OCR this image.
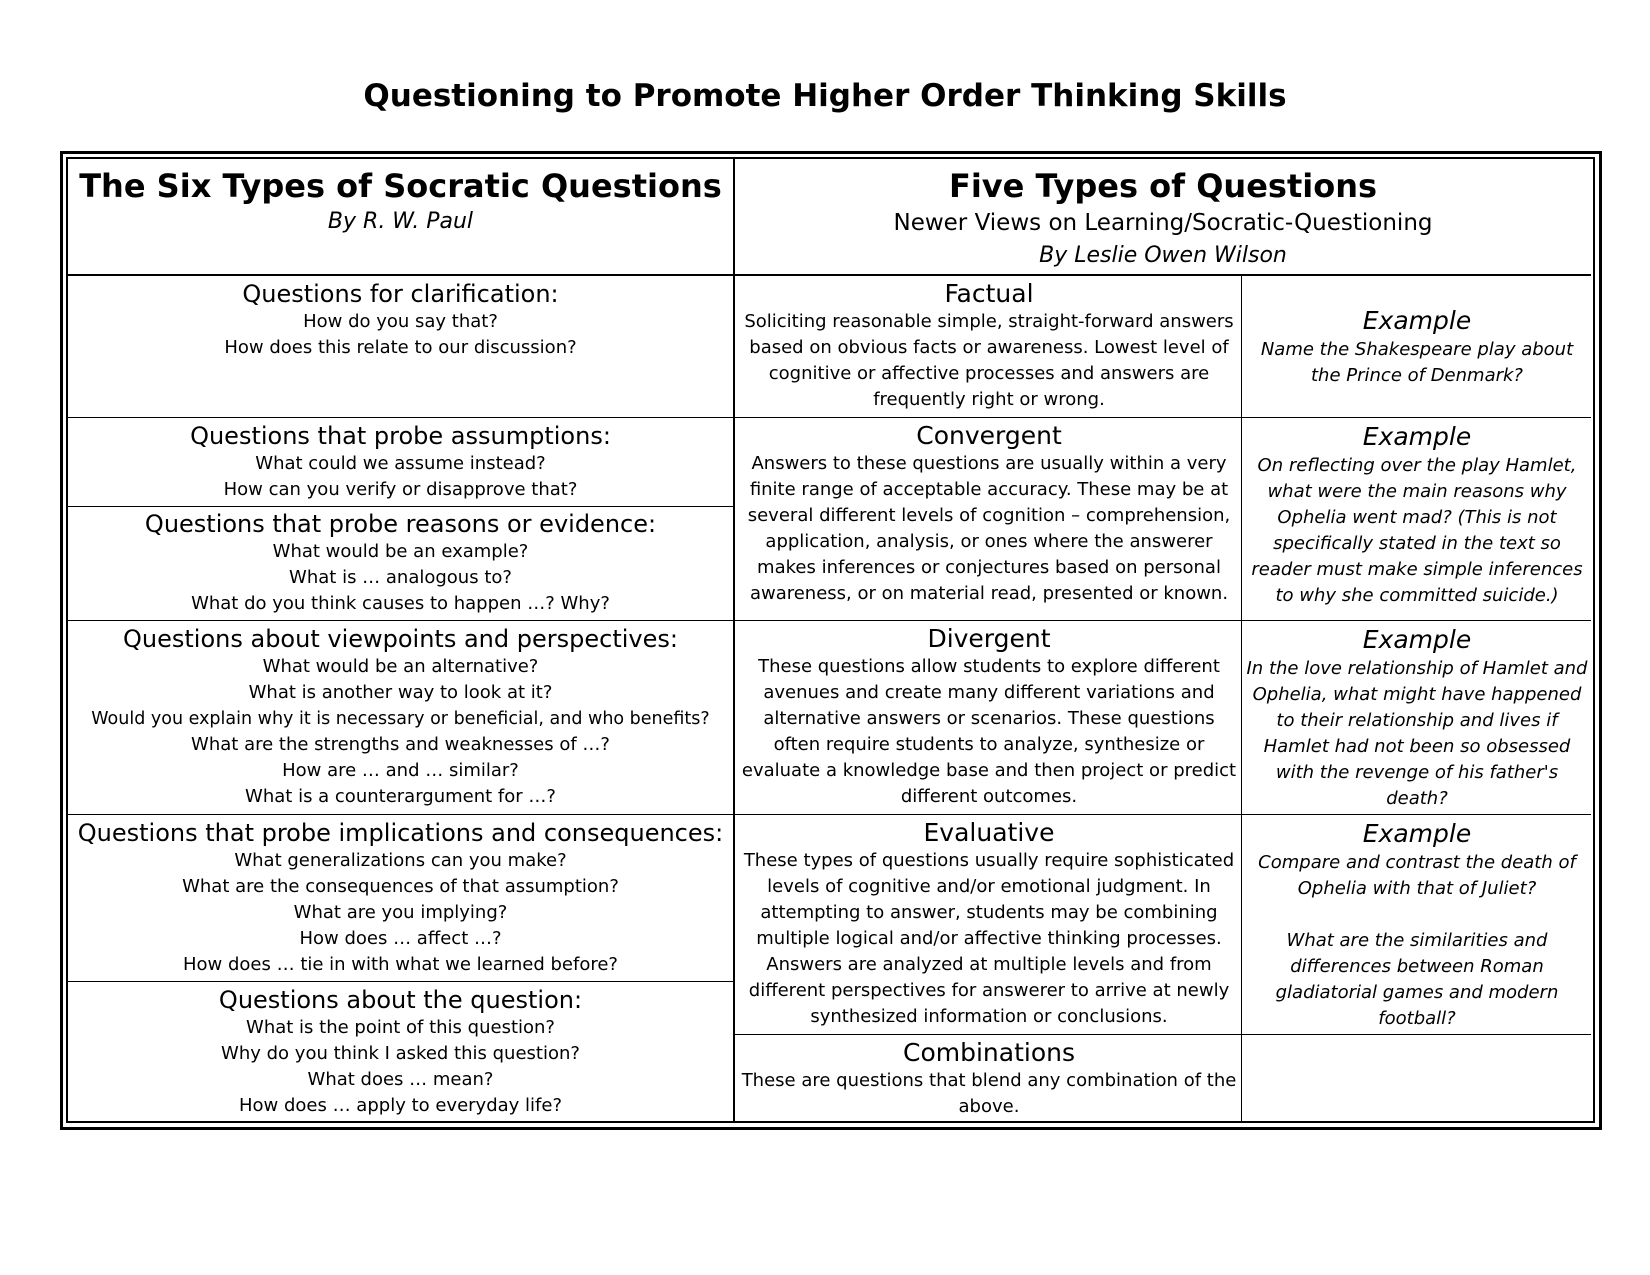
Questioning to Promote Higher Order Thinking Skills
The Six Types of Socratic Questions
By R. W. Paul
Five Types of Questions
Newer Views on Learning/Socratic-Questioning
By Leslie Owen Wilson
Questions for clarification:
How do you say that?
How does this relate to our discussion?
Questions that probe assumptions:
What could we assume instead?
How can you verify or disapprove that?
Questions that probe reasons or evidence:
What would be an example?
What is … analogous to?
What do you think causes to happen …? Why?
Questions about viewpoints and perspectives:
What would be an alternative?
What is another way to look at it?
Would you explain why it is necessary or beneficial, and who benefits?
What are the strengths and weaknesses of …?
How are … and … similar?
What is a counterargument for …?
Questions that probe implications and consequences:
What generalizations can you make?
What are the consequences of that assumption?
What are you implying?
How does … affect …?
How does … tie in with what we learned before?
Questions about the question:
What is the point of this question?
Why do you think I asked this question?
What does … mean?
How does … apply to everyday life?
Factual
Soliciting reasonable simple, straight-forward answers based on obvious facts or awareness. Lowest level of cognitive or affective processes and answers are frequently right or wrong.
Example
Name the Shakespeare play about the Prince of Denmark?
Convergent
Answers to these questions are usually within a very finite range of acceptable accuracy. These may be at several different levels of cognition – comprehension, application, analysis, or ones where the answerer makes inferences or conjectures based on personal awareness, or on material read, presented or known.
Example
On reflecting over the play Hamlet, what were the main reasons why Ophelia went mad? (This is not specifically stated in the text so reader must make simple inferences to why she committed suicide.)
Divergent
These questions allow students to explore different avenues and create many different variations and alternative answers or scenarios. These questions often require students to analyze, synthesize or evaluate a knowledge base and then project or predict different outcomes.
Example
In the love relationship of Hamlet and Ophelia, what might have happened to their relationship and lives if Hamlet had not been so obsessed with the revenge of his father's death?
Evaluative
These types of questions usually require sophisticated levels of cognitive and/or emotional judgment. In attempting to answer, students may be combining multiple logical and/or affective thinking processes. Answers are analyzed at multiple levels and from different perspectives for answerer to arrive at newly synthesized information or conclusions.
Example
Compare and contrast the death of Ophelia with that of Juliet?
What are the similarities and differences between Roman gladiatorial games and modern football?
Combinations
These are questions that blend any combination of the above.
